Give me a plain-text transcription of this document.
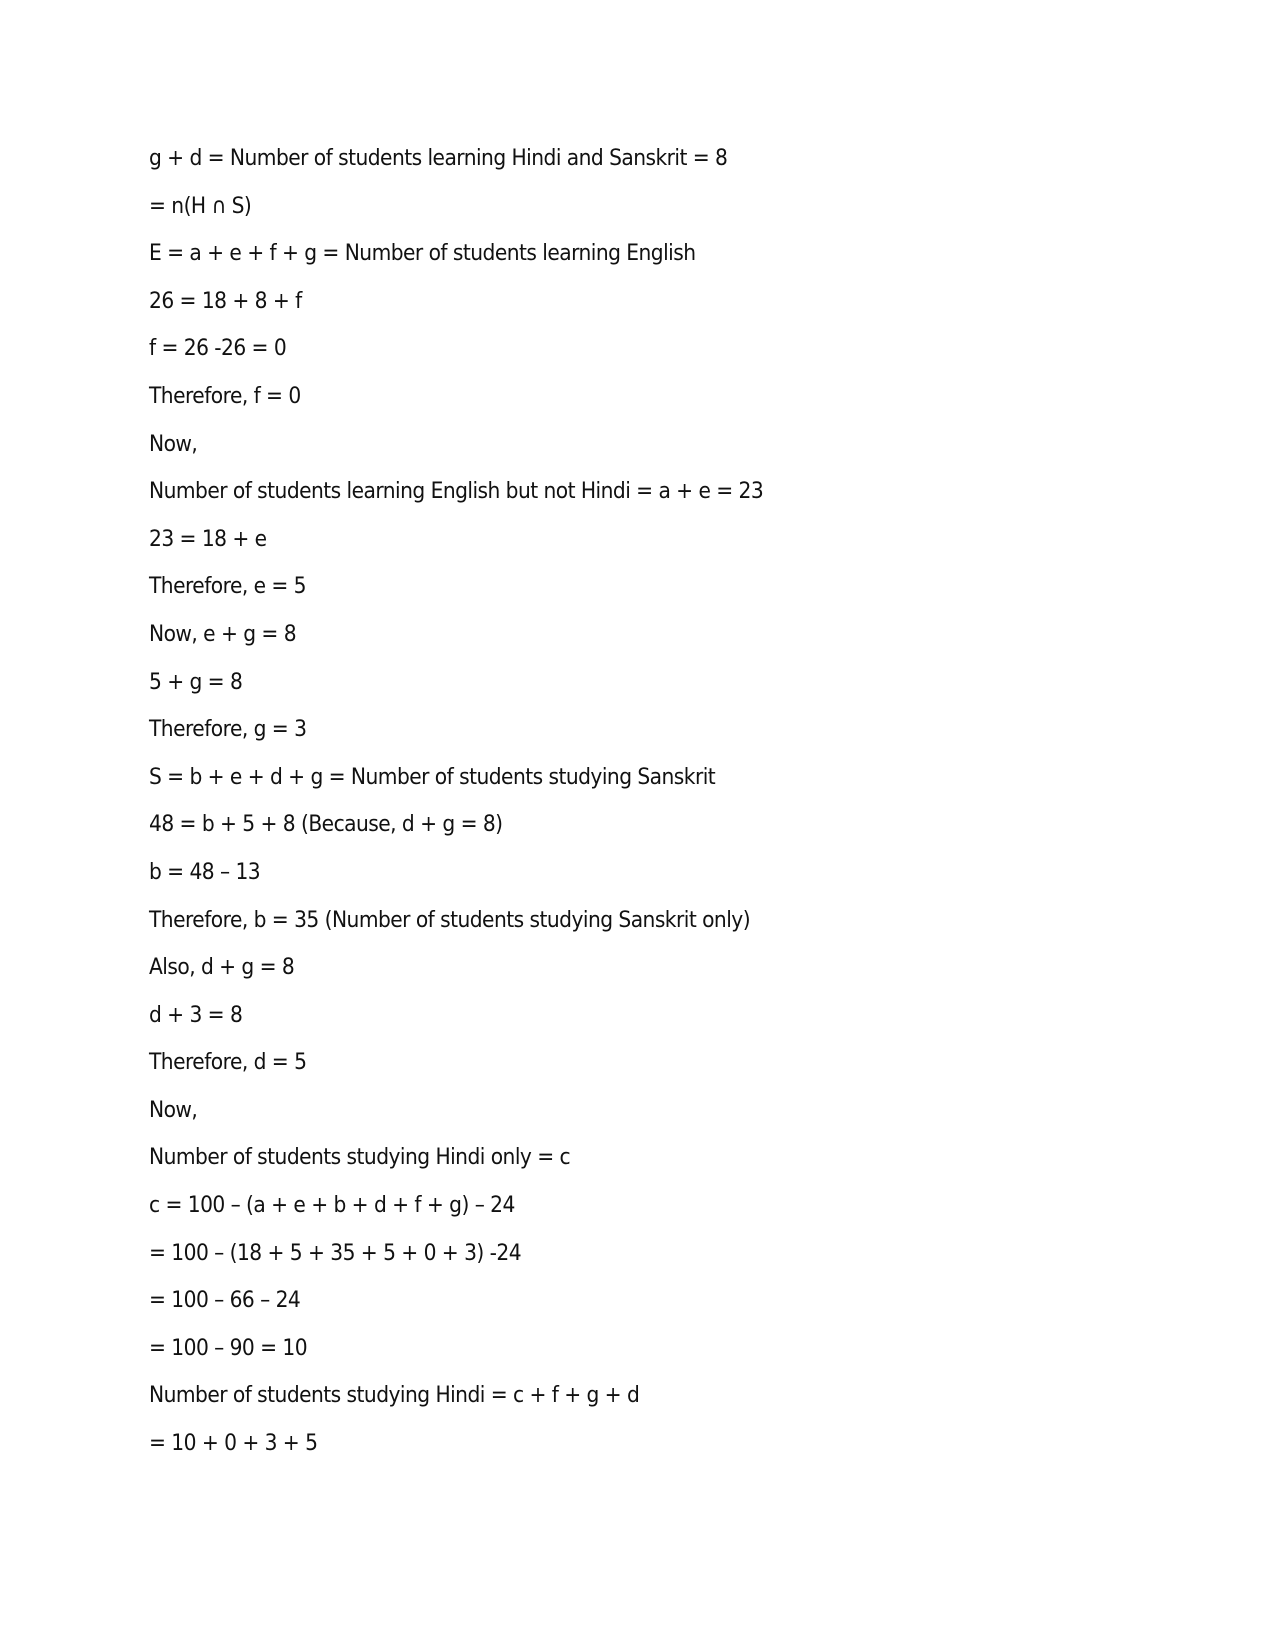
g + d = Number of students learning Hindi and Sanskrit = 8
= n(H ∩ S)
E = a + e + f + g = Number of students learning English
26 = 18 + 8 + f
f = 26 -26 = 0
Therefore, f = 0
Now,
Number of students learning English but not Hindi = a + e = 23
23 = 18 + e
Therefore, e = 5
Now, e + g = 8
5 + g = 8
Therefore, g = 3
S = b + e + d + g = Number of students studying Sanskrit
48 = b + 5 + 8 (Because, d + g = 8)
b = 48 – 13
Therefore, b = 35 (Number of students studying Sanskrit only)
Also, d + g = 8
d + 3 = 8
Therefore, d = 5
Now,
Number of students studying Hindi only = c
c = 100 – (a + e + b + d + f + g) – 24
= 100 – (18 + 5 + 35 + 5 + 0 + 3) -24
= 100 – 66 – 24
= 100 – 90 = 10
Number of students studying Hindi = c + f + g + d
= 10 + 0 + 3 + 5
